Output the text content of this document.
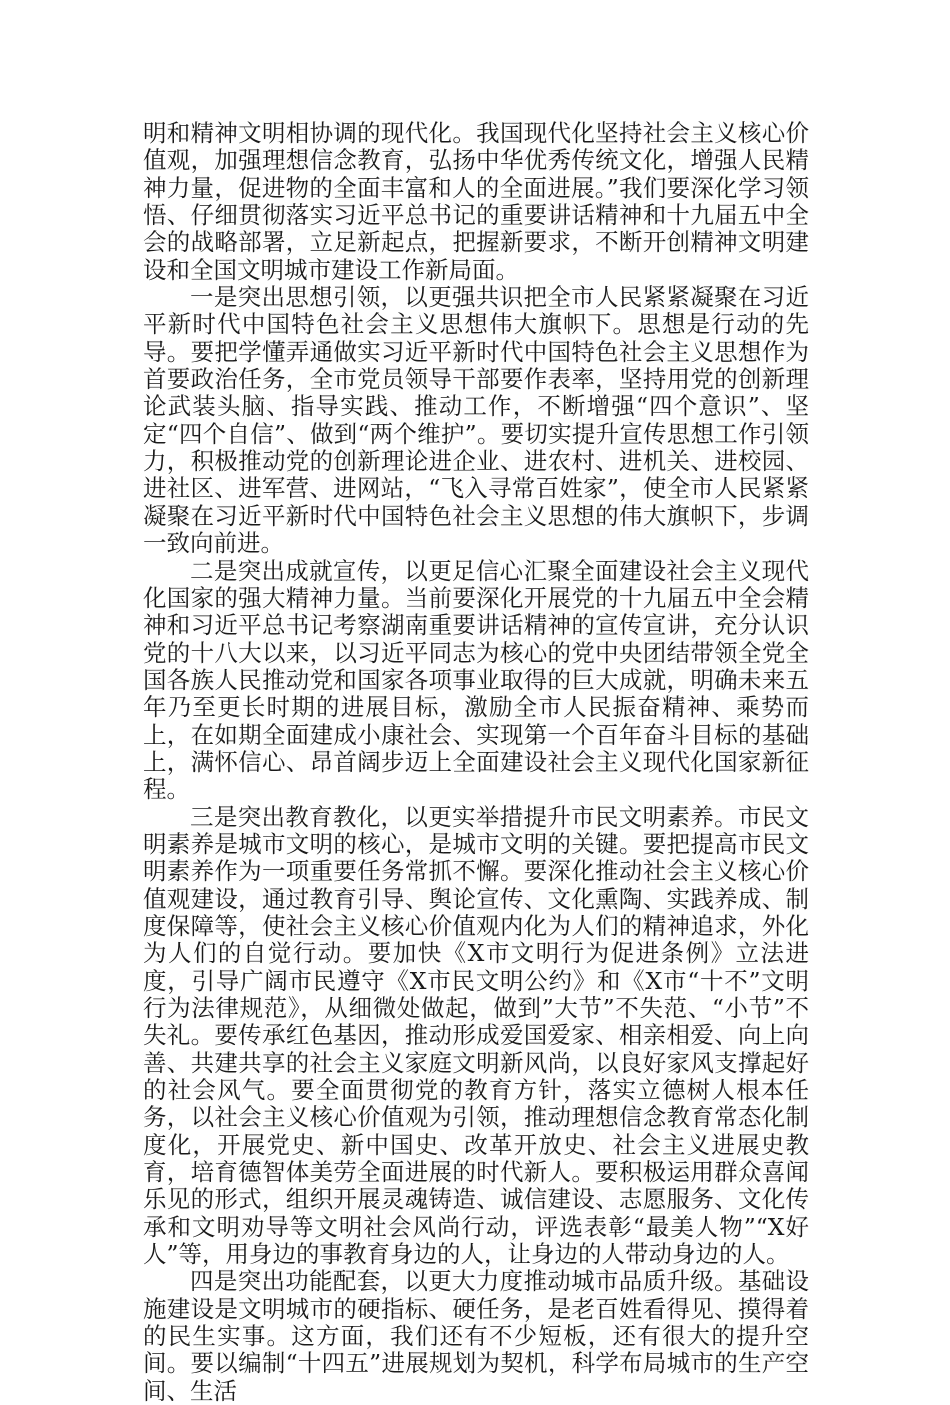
明和精神文明相协调的现代化。我国现代化坚持社会主义核心价值观，加强理想信念教育，弘扬中华优秀传统文化，增强人民精神力量，促进物的全面丰富和人的全面进展。”我们要深化学习领悟、仔细贯彻落实习近平总书记的重要讲话精神和十九届五中全会的战略部署，立足新起点，把握新要求，不断开创精神文明建设和全国文明城市建设工作新局面。

一是突出思想引领，以更强共识把全市人民紧紧凝聚在习近平新时代中国特色社会主义思想伟大旗帜下。思想是行动的先导。要把学懂弄通做实习近平新时代中国特色社会主义思想作为首要政治任务，全市党员领导干部要作表率，坚持用党的创新理论武装头脑、指导实践、推动工作，不断增强“四个意识”、坚定“四个自信”、做到“两个维护”。要切实提升宣传思想工作引领力，积极推动党的创新理论进企业、进农村、进机关、进校园、进社区、进军营、进网站，“飞入寻常百姓家”，使全市人民紧紧凝聚在习近平新时代中国特色社会主义思想的伟大旗帜下，步调一致向前进。

二是突出成就宣传，以更足信心汇聚全面建设社会主义现代化国家的强大精神力量。当前要深化开展党的十九届五中全会精神和习近平总书记考察湖南重要讲话精神的宣传宣讲，充分认识党的十八大以来，以习近平同志为核心的党中央团结带领全党全国各族人民推动党和国家各项事业取得的巨大成就，明确未来五年乃至更长时期的进展目标，激励全市人民振奋精神、乘势而上，在如期全面建成小康社会、实现第一个百年奋斗目标的基础上，满怀信心、昂首阔步迈上全面建设社会主义现代化国家新征程。

三是突出教育教化，以更实举措提升市民文明素养。市民文明素养是城市文明的核心，是城市文明的关键。要把提高市民文明素养作为一项重要任务常抓不懈。要深化推动社会主义核心价值观建设，通过教育引导、舆论宣传、文化熏陶、实践养成、制度保障等，使社会主义核心价值观内化为人们的精神追求，外化为人们的自觉行动。要加快《X市文明行为促进条例》立法进度，引导广阔市民遵守《X市民文明公约》和《X市“十不”文明行为法律规范》，从细微处做起，做到”大节”不失范、“小节”不失礼。要传承红色基因，推动形成爱国爱家、相亲相爱、向上向善、共建共享的社会主义家庭文明新风尚，以良好家风支撑起好的社会风气。要全面贯彻党的教育方针，落实立德树人根本任务，以社会主义核心价值观为引领，推动理想信念教育常态化制度化，开展党史、新中国史、改革开放史、社会主义进展史教育，培育德智体美劳全面进展的时代新人。要积极运用群众喜闻乐见的形式，组织开展灵魂铸造、诚信建设、志愿服务、文化传承和文明劝导等文明社会风尚行动，评选表彰“最美人物”“X好人”等，用身边的事教育身边的人，让身边的人带动身边的人。

四是突出功能配套，以更大力度推动城市品质升级。基础设施建设是文明城市的硬指标、硬任务，是老百姓看得见、摸得着的民生实事。这方面，我们还有不少短板，还有很大的提升空间。要以编制“十四五”进展规划为契机，科学布局城市的生产空间、生活
